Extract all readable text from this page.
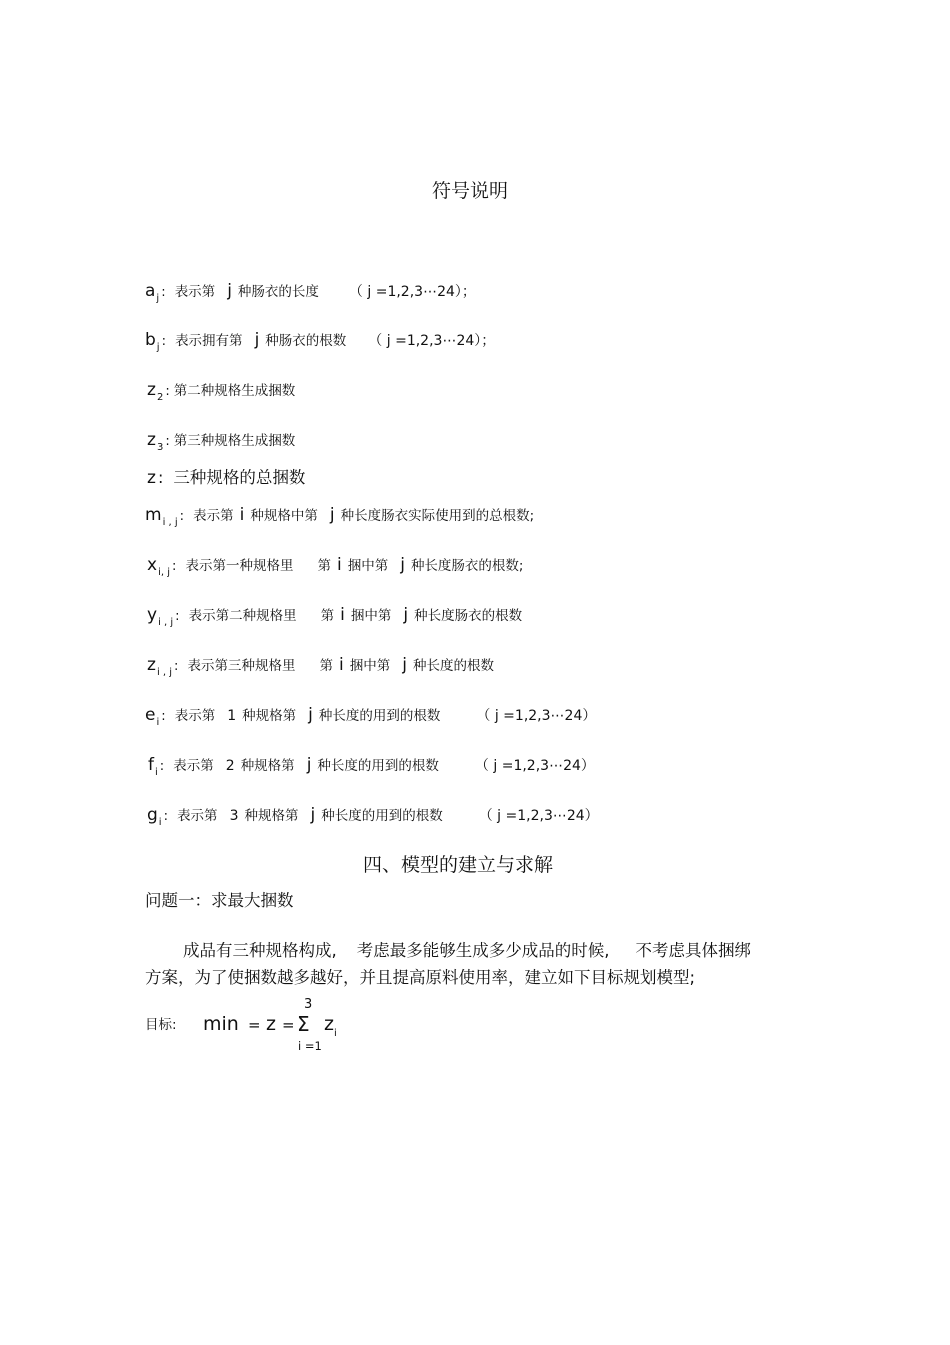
符号说明
$a_j$ : 表示第 j 种肠衣的长度 （ j =1,2,3⋯24）；
$b_j$ : 表示拥有第 j 种肠衣的根数 （ j =1,2,3⋯24）；
$z_2$ : 第二种规格生成捆数
$z_3$ : 第三种规格生成捆数
z : 三种规格的总捆数
$m_{i , j}$ : 表示第 i 种规格中第 j 种长度肠衣实际使用到的总根数;
$x_{i, j}$ : 表示第一种规格里 第 i 捆中第 j 种长度肠衣的根数;
$y_{i , j}$ : 表示第二种规格里 第 i 捆中第 j 种长度肠衣的根数
$z_{i , j}$ : 表示第三种规格里 第 i 捆中第 j 种长度的根数
$e_i$ : 表示第 1 种规格第 j 种长度的用到的根数	（ j =1,2,3⋯24）
$f_i$ : 表示第 2 种规格第 j 种长度的用到的根数	（ j =1,2,3⋯24）
$g_i$ : 表示第 3 种规格第 j 种长度的用到的根数	（ j =1,2,3⋯24）
四、模型的建立与求解
问题一：求最大捆数
成品有三种规格构成, 考虑最多能够生成多少成品的时候, 不考虑具体捆绑
方案，为了使捆数越多越好，并且提高原料使用率，建立如下目标规划模型;
目标: min = z = Σ
3
i =1
$z_i$
